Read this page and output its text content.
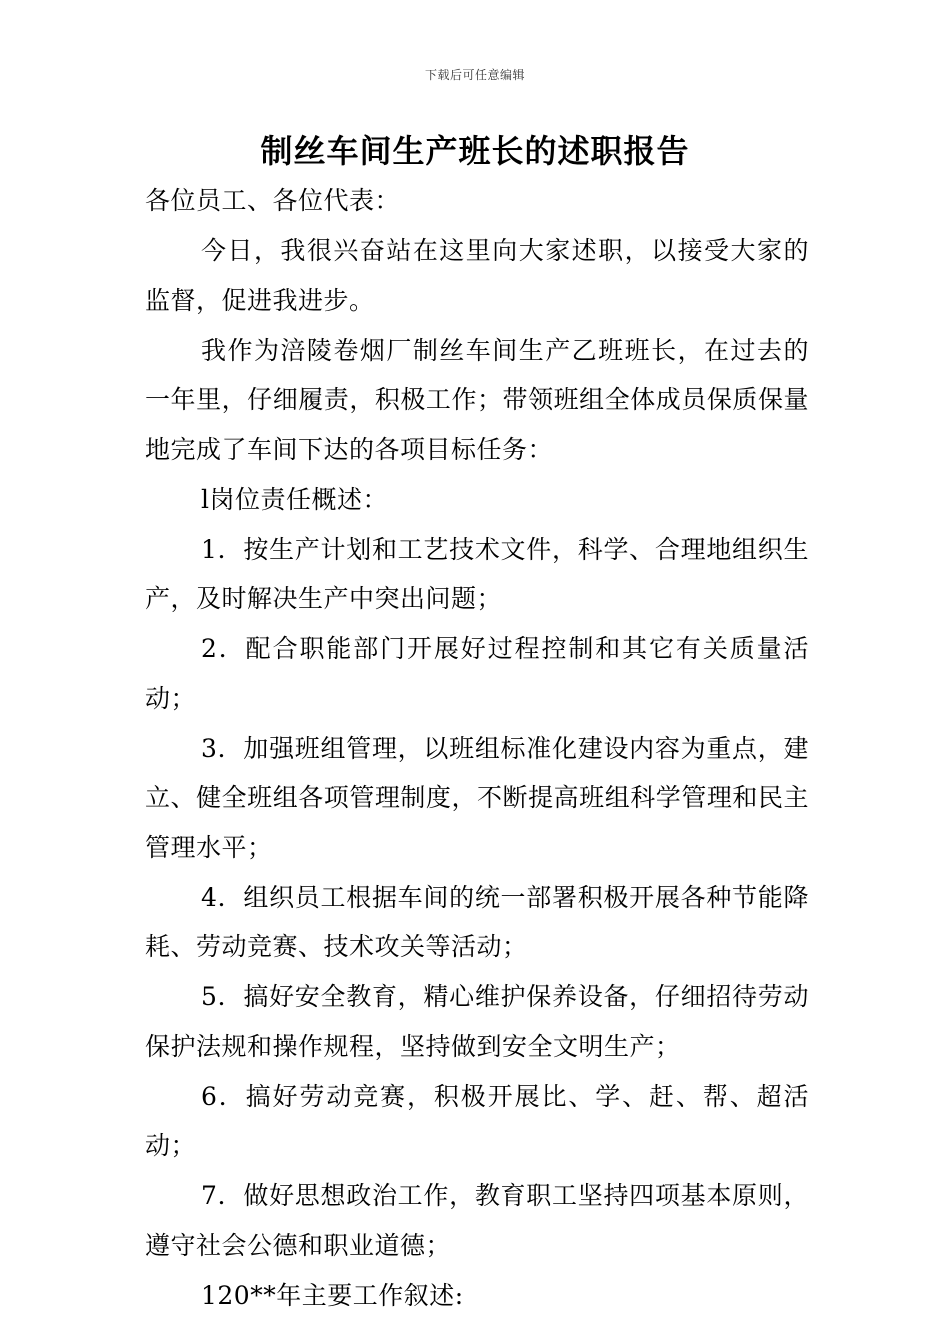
下载后可任意编辑
制丝车间生产班长的述职报告

各位员工、各位代表：

今日，我很兴奋站在这里向大家述职，以接受大家的监督，促进我进步。

我作为涪陵卷烟厂制丝车间生产乙班班长，在过去的一年里，仔细履责，积极工作；带领班组全体成员保质保量地完成了车间下达的各项目标任务：

l岗位责任概述：

1．按生产计划和工艺技术文件，科学、合理地组织生产，及时解决生产中突出问题；

2．配合职能部门开展好过程控制和其它有关质量活动；

3．加强班组管理，以班组标准化建设内容为重点，建立、健全班组各项管理制度，不断提高班组科学管理和民主管理水平；

4．组织员工根据车间的统一部署积极开展各种节能降耗、劳动竞赛、技术攻关等活动；

5．搞好安全教育，精心维护保养设备，仔细招待劳动保护法规和操作规程，坚持做到安全文明生产；

6．搞好劳动竞赛，积极开展比、学、赶、帮、超活动；

7．做好思想政治工作，教育职工坚持四项基本原则，遵守社会公德和职业道德；

120**年主要工作叙述:
